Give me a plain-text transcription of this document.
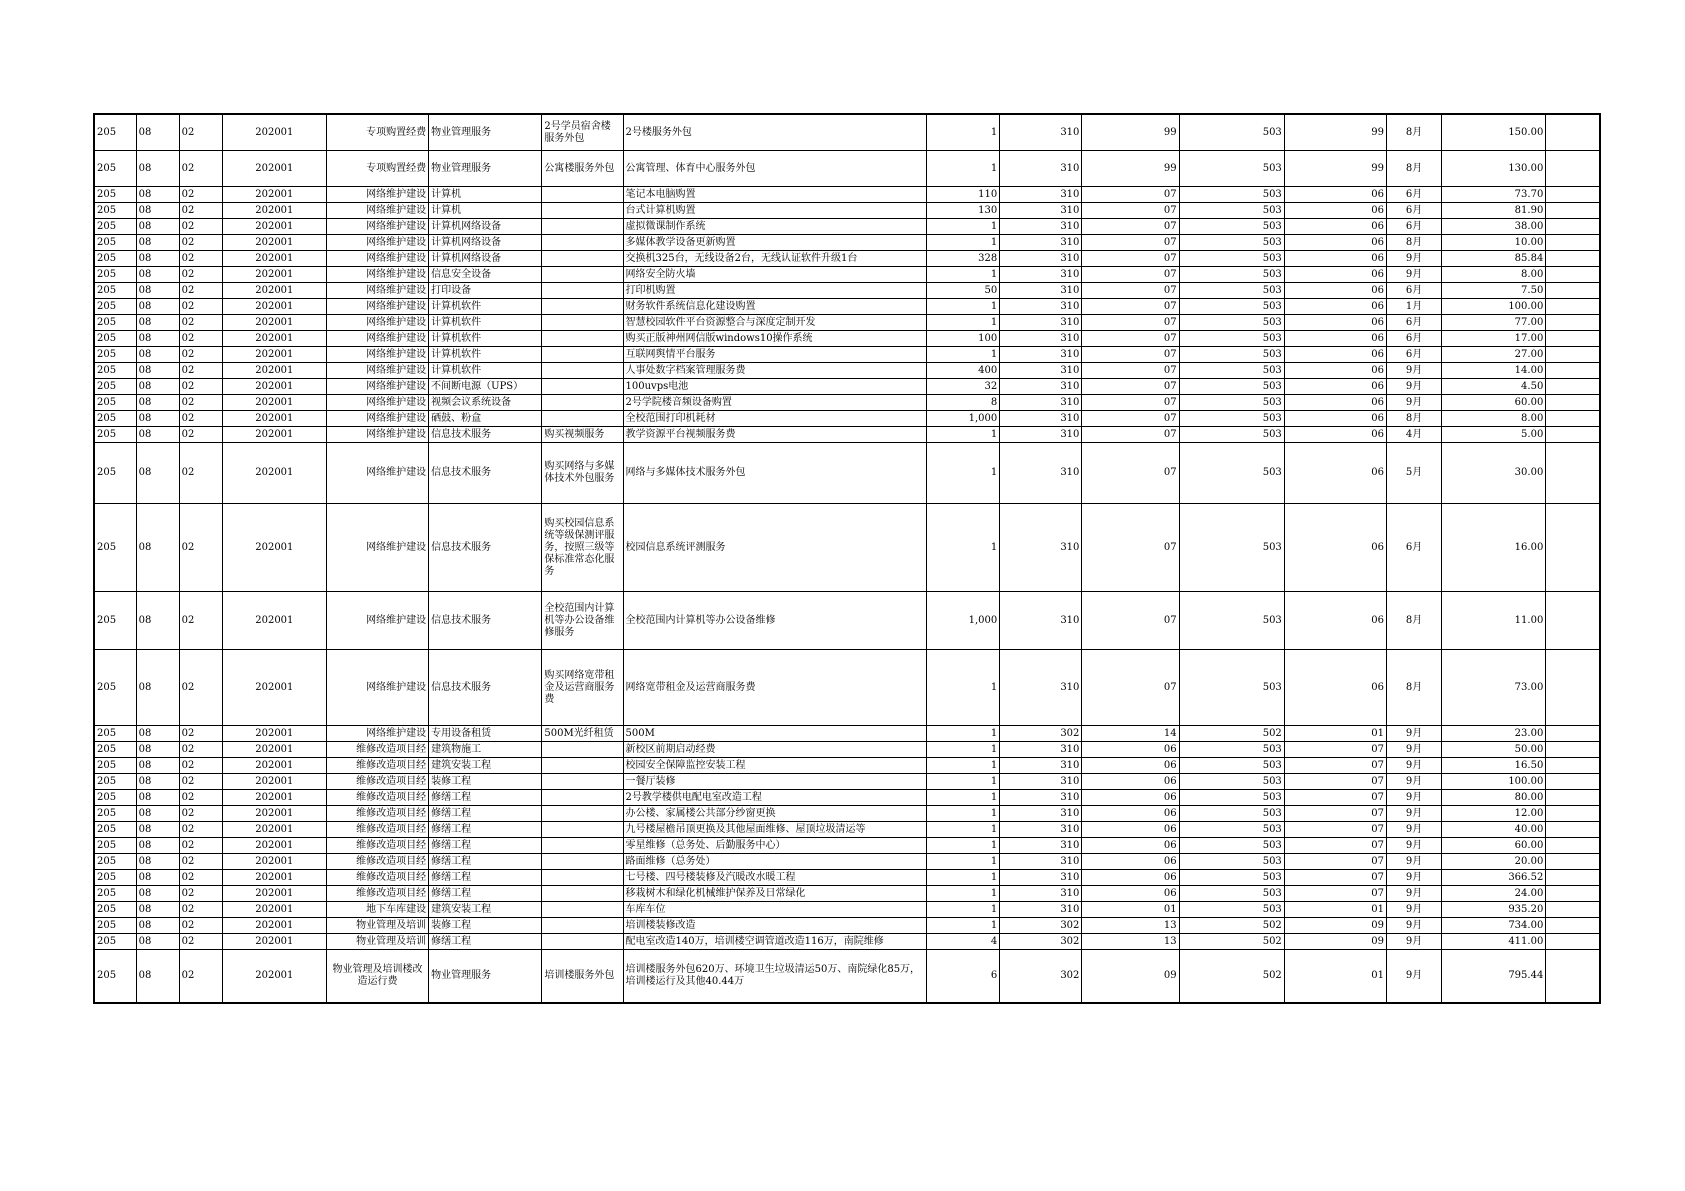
205	08	02	202001	专项购置经费	物业管理服务	2号学员宿舍楼服务外包	2号楼服务外包	1	310	99	503	99	8月	150.00	
205	08	02	202001	专项购置经费	物业管理服务	公寓楼服务外包	公寓管理、体育中心服务外包	1	310	99	503	99	8月	130.00	
205	08	02	202001	网络维护建设	计算机		笔记本电脑购置	110	310	07	503	06	6月	73.70	
205	08	02	202001	网络维护建设	计算机		台式计算机购置	130	310	07	503	06	6月	81.90	
205	08	02	202001	网络维护建设	计算机网络设备		虚拟微课制作系统	1	310	07	503	06	6月	38.00	
205	08	02	202001	网络维护建设	计算机网络设备		多媒体教学设备更新购置	1	310	07	503	06	8月	10.00	
205	08	02	202001	网络维护建设	计算机网络设备		交换机325台，无线设备2台，无线认证软件升级1台	328	310	07	503	06	9月	85.84	
205	08	02	202001	网络维护建设	信息安全设备		网络安全防火墙	1	310	07	503	06	9月	8.00	
205	08	02	202001	网络维护建设	打印设备		打印机购置	50	310	07	503	06	6月	7.50	
205	08	02	202001	网络维护建设	计算机软件		财务软件系统信息化建设购置	1	310	07	503	06	1月	100.00	
205	08	02	202001	网络维护建设	计算机软件		智慧校园软件平台资源整合与深度定制开发	1	310	07	503	06	6月	77.00	
205	08	02	202001	网络维护建设	计算机软件		购买正版神州网信版windows10操作系统	100	310	07	503	06	6月	17.00	
205	08	02	202001	网络维护建设	计算机软件		互联网舆情平台服务	1	310	07	503	06	6月	27.00	
205	08	02	202001	网络维护建设	计算机软件		人事处数字档案管理服务费	400	310	07	503	06	9月	14.00	
205	08	02	202001	网络维护建设	不间断电源（UPS）		100uvps电池	32	310	07	503	06	9月	4.50	
205	08	02	202001	网络维护建设	视频会议系统设备		2号学院楼音频设备购置	8	310	07	503	06	9月	60.00	
205	08	02	202001	网络维护建设	硒鼓、粉盒		全校范围打印机耗材	1,000	310	07	503	06	8月	8.00	
205	08	02	202001	网络维护建设	信息技术服务	购买视频服务	教学资源平台视频服务费	1	310	07	503	06	4月	5.00	
205	08	02	202001	网络维护建设	信息技术服务	购买网络与多媒体技术外包服务	网络与多媒体技术服务外包	1	310	07	503	06	5月	30.00	
205	08	02	202001	网络维护建设	信息技术服务	购买校园信息系统等级保测评服务，按照三级等保标准常态化服务	校园信息系统评测服务	1	310	07	503	06	6月	16.00	
205	08	02	202001	网络维护建设	信息技术服务	全校范围内计算机等办公设备维修服务	全校范围内计算机等办公设备维修	1,000	310	07	503	06	8月	11.00	
205	08	02	202001	网络维护建设	信息技术服务	购买网络宽带租金及运营商服务费	网络宽带租金及运营商服务费	1	310	07	503	06	8月	73.00	
205	08	02	202001	网络维护建设	专用设备租赁	500M光纤租赁	500M	1	302	14	502	01	9月	23.00	
205	08	02	202001	维修改造项目经	建筑物施工		新校区前期启动经费	1	310	06	503	07	9月	50.00	
205	08	02	202001	维修改造项目经	建筑安装工程		校园安全保障监控安装工程	1	310	06	503	07	9月	16.50	
205	08	02	202001	维修改造项目经	装修工程		一餐厅装修	1	310	06	503	07	9月	100.00	
205	08	02	202001	维修改造项目经	修缮工程		2号教学楼供电配电室改造工程	1	310	06	503	07	9月	80.00	
205	08	02	202001	维修改造项目经	修缮工程		办公楼、家属楼公共部分纱窗更换	1	310	06	503	07	9月	12.00	
205	08	02	202001	维修改造项目经	修缮工程		九号楼屋檐吊顶更换及其他屋面维修、屋顶垃圾清运等	1	310	06	503	07	9月	40.00	
205	08	02	202001	维修改造项目经	修缮工程		零星维修（总务处、后勤服务中心）	1	310	06	503	07	9月	60.00	
205	08	02	202001	维修改造项目经	修缮工程		路面维修（总务处）	1	310	06	503	07	9月	20.00	
205	08	02	202001	维修改造项目经	修缮工程		七号楼、四号楼装修及汽暖改水暖工程	1	310	06	503	07	9月	366.52	
205	08	02	202001	维修改造项目经	修缮工程		移栽树木和绿化机械维护保养及日常绿化	1	310	06	503	07	9月	24.00	
205	08	02	202001	地下车库建设	建筑安装工程		车库车位	1	310	01	503	01	9月	935.20	
205	08	02	202001	物业管理及培训	装修工程		培训楼装修改造	1	302	13	502	09	9月	734.00	
205	08	02	202001	物业管理及培训	修缮工程		配电室改造140万，培训楼空调管道改造116万，南院维修	4	302	13	502	09	9月	411.00	
205	08	02	202001	物业管理及培训楼改造运行费	物业管理服务	培训楼服务外包	培训楼服务外包620万、环境卫生垃圾清运50万、南院绿化85万，培训楼运行及其他40.44万	6	302	09	502	01	9月	795.44	
